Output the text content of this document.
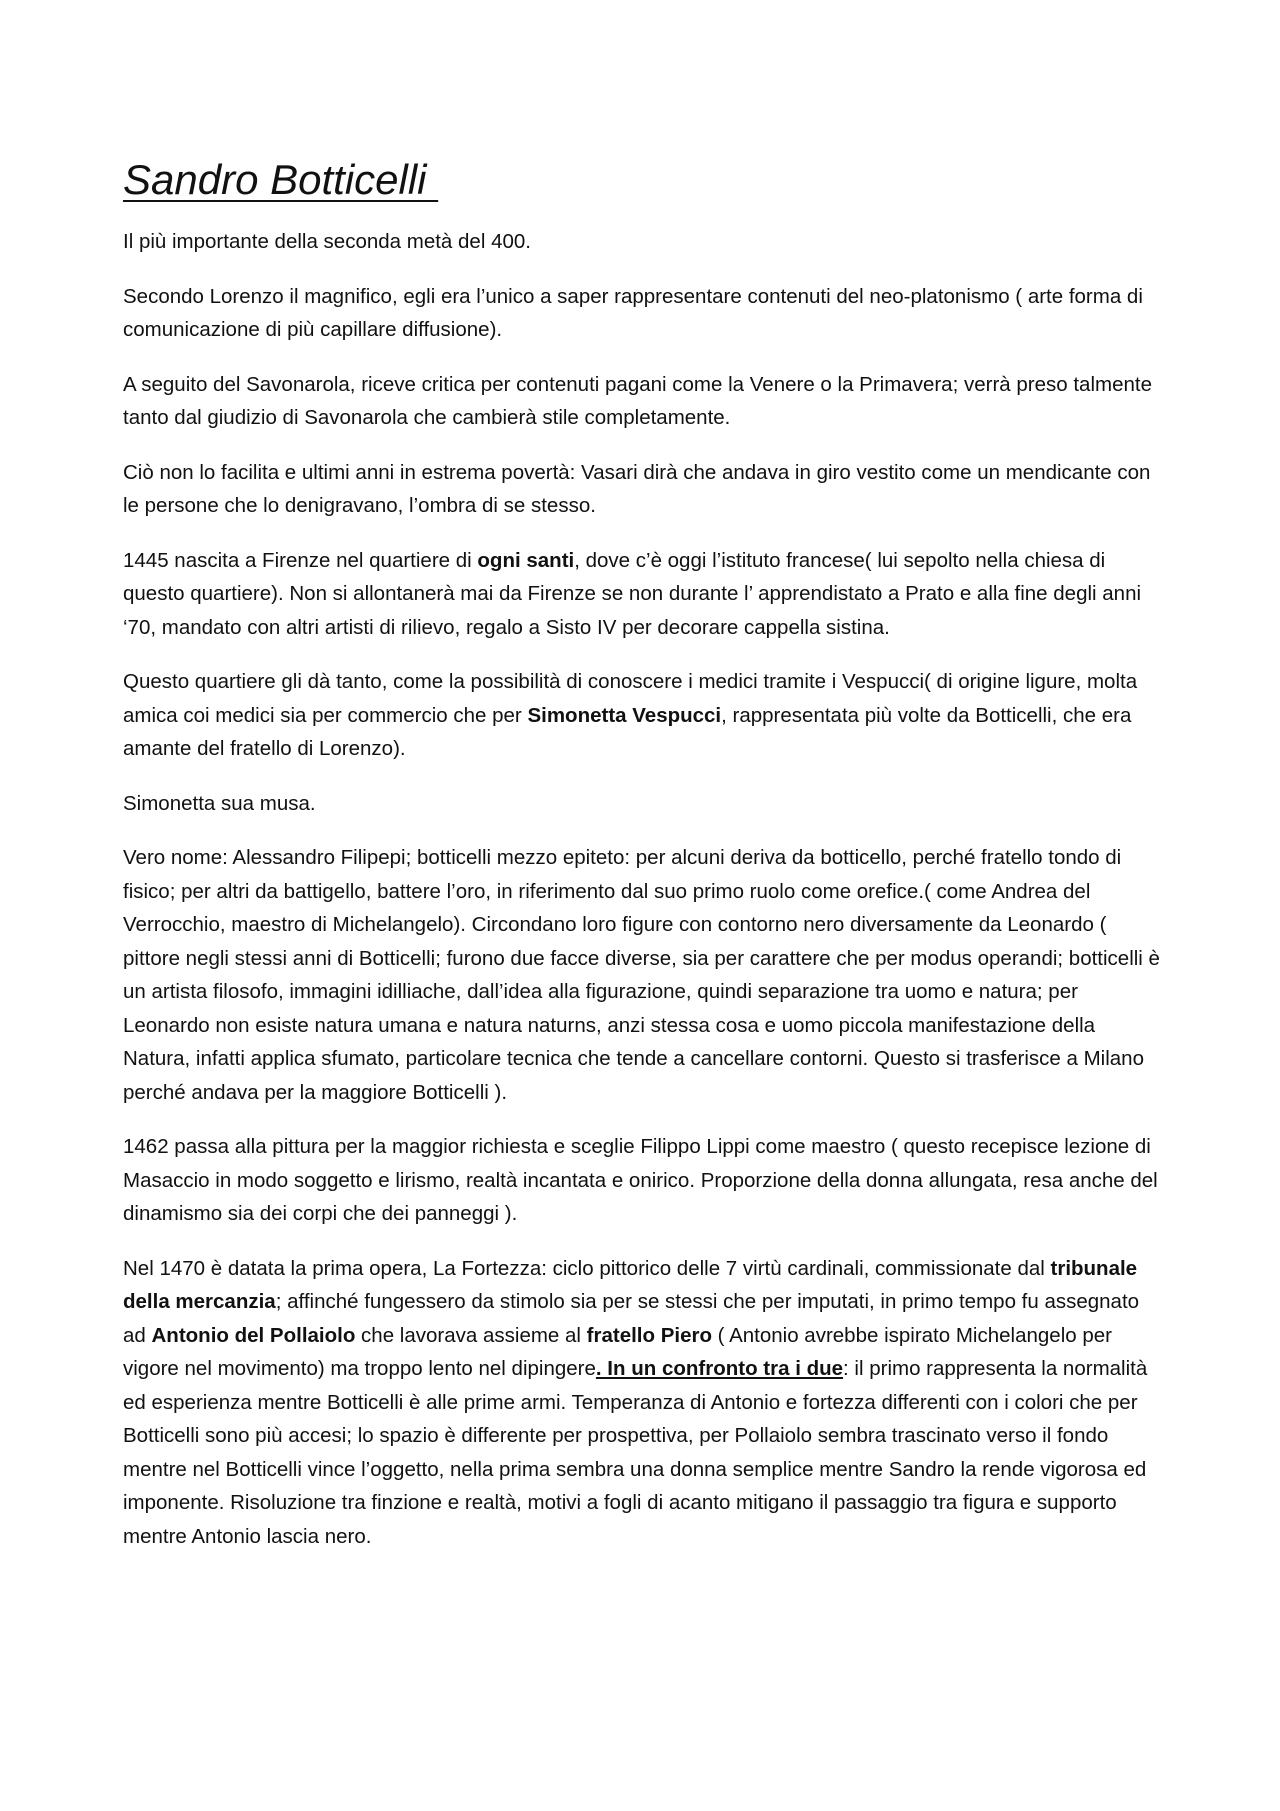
Sandro Botticelli

Il più importante della seconda metà del 400.

Secondo Lorenzo il magnifico, egli era l’unico a saper rappresentare contenuti del neo-platonismo ( arte forma di comunicazione di più capillare diffusione).

A seguito del Savonarola, riceve critica per contenuti pagani come la Venere o la Primavera; verrà preso talmente tanto dal giudizio di Savonarola che cambierà stile completamente.

Ciò non lo facilita e ultimi anni in estrema povertà: Vasari dirà che andava in giro vestito come un mendicante con le persone che lo denigravano, l’ombra di se stesso.

1445 nascita a Firenze nel quartiere di ogni santi, dove c’è oggi l’istituto francese( lui sepolto nella chiesa di questo quartiere). Non si allontanerà mai da Firenze se non durante l’ apprendistato a Prato e alla fine degli anni ‘70, mandato con altri artisti di rilievo, regalo a Sisto IV per decorare cappella sistina.

Questo quartiere gli dà tanto, come la possibilità di conoscere i medici tramite i Vespucci( di origine ligure, molta amica coi medici sia per commercio che per Simonetta Vespucci, rappresentata più volte da Botticelli, che era amante del fratello di Lorenzo).

Simonetta sua musa.

Vero nome: Alessandro Filipepi; botticelli mezzo epiteto: per alcuni deriva da botticello, perché fratello tondo di fisico; per altri da battigello, battere l’oro, in riferimento dal suo primo ruolo come orefice.( come Andrea del Verrocchio, maestro di Michelangelo). Circondano loro figure con contorno nero diversamente da Leonardo ( pittore negli stessi anni di Botticelli; furono due facce diverse, sia per carattere che per modus operandi; botticelli è un artista filosofo, immagini idilliache, dall’idea alla figurazione, quindi separazione tra uomo e natura; per Leonardo non esiste natura umana e natura naturns, anzi stessa cosa e uomo piccola manifestazione della Natura, infatti applica sfumato, particolare tecnica che tende a cancellare contorni. Questo si trasferisce a Milano perché andava per la maggiore Botticelli ).

1462 passa alla pittura per la maggior richiesta e sceglie Filippo Lippi come maestro ( questo recepisce lezione di Masaccio in modo soggetto e lirismo, realtà incantata e onirico. Proporzione della donna allungata, resa anche del dinamismo sia dei corpi che dei panneggi ).

Nel 1470 è datata la prima opera, La Fortezza: ciclo pittorico delle 7 virtù cardinali, commissionate dal tribunale della mercanzia; affinché fungessero da stimolo sia per se stessi che per imputati, in primo tempo fu assegnato ad Antonio del Pollaiolo che lavorava assieme al fratello Piero ( Antonio avrebbe ispirato Michelangelo per vigore nel movimento) ma troppo lento nel dipingere. In un confronto tra i due: il primo rappresenta la normalità ed esperienza mentre Botticelli è alle prime armi. Temperanza di Antonio e fortezza differenti con i colori che per Botticelli sono più accesi; lo spazio è differente per prospettiva, per Pollaiolo sembra trascinato verso il fondo mentre nel Botticelli vince l’oggetto, nella prima sembra una donna semplice mentre Sandro la rende vigorosa ed imponente. Risoluzione tra finzione e realtà, motivi a fogli di acanto mitigano il passaggio tra figura e supporto mentre Antonio lascia nero.
